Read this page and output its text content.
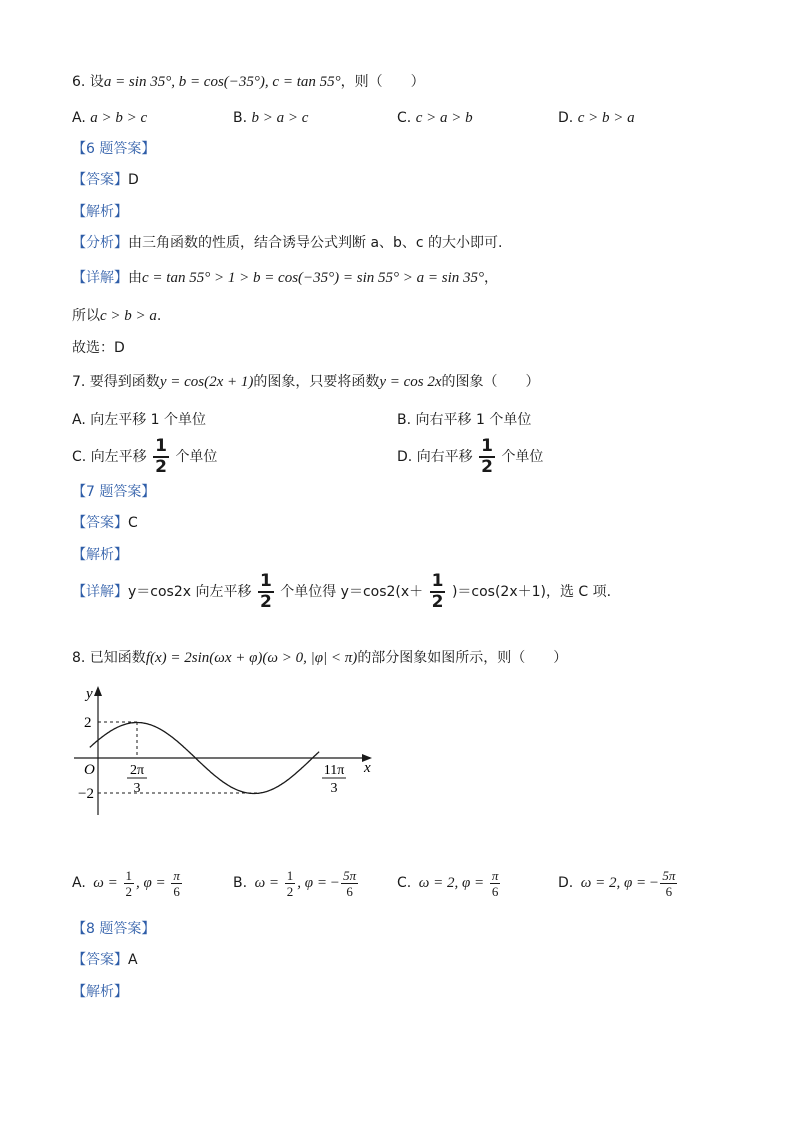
6. 设a = sin 35°, b = cos(−35°), c = tan 55°，则（　　）
A. a > b > c	B. b > a > c	C. c > a > b	D. c > b > a
【6 题答案】
【答案】D
【解析】
【分析】由三角函数的性质，结合诱导公式判断 a、b、c 的大小即可.
【详解】由c = tan 55° > 1 > b = cos(−35°) = sin 55° > a = sin 35°，
所以c > b > a.
故选：D
7. 要得到函数y = cos(2x + 1)的图象，只要将函数y = cos 2x的图象（　　）
A. 向左平移 1 个单位	B. 向右平移 1 个单位
C. 向左平移 $\frac{1}{2}$ 个单位	D. 向右平移 $\frac{1}{2}$ 个单位
【7 题答案】
【答案】C
【解析】
【详解】y＝cos2x 向左平移 $\frac{1}{2}$ 个单位得 $y=\cos 2(x+ \frac{1}{2} )=\cos(2x+1)$，选 C 项.
8. 已知函数f(x) = 2sin(ωx + φ)(ω > 0, |φ| < π)的部分图象如图所示，则（　　）
y
x
O
2
−2
2π
3
11π
3
A. $\omega = \frac{1}{2}$ , $\varphi = \frac{\pi}{6}$	B. $\omega = \frac{1}{2}$ , φ = − $\frac{5\pi}{6}$	C. ω = 2, $\varphi = \frac{\pi}{6}$	D. ω = 2, φ = − $\frac{5\pi}{6}$
【8 题答案】
【答案】A
【解析】
